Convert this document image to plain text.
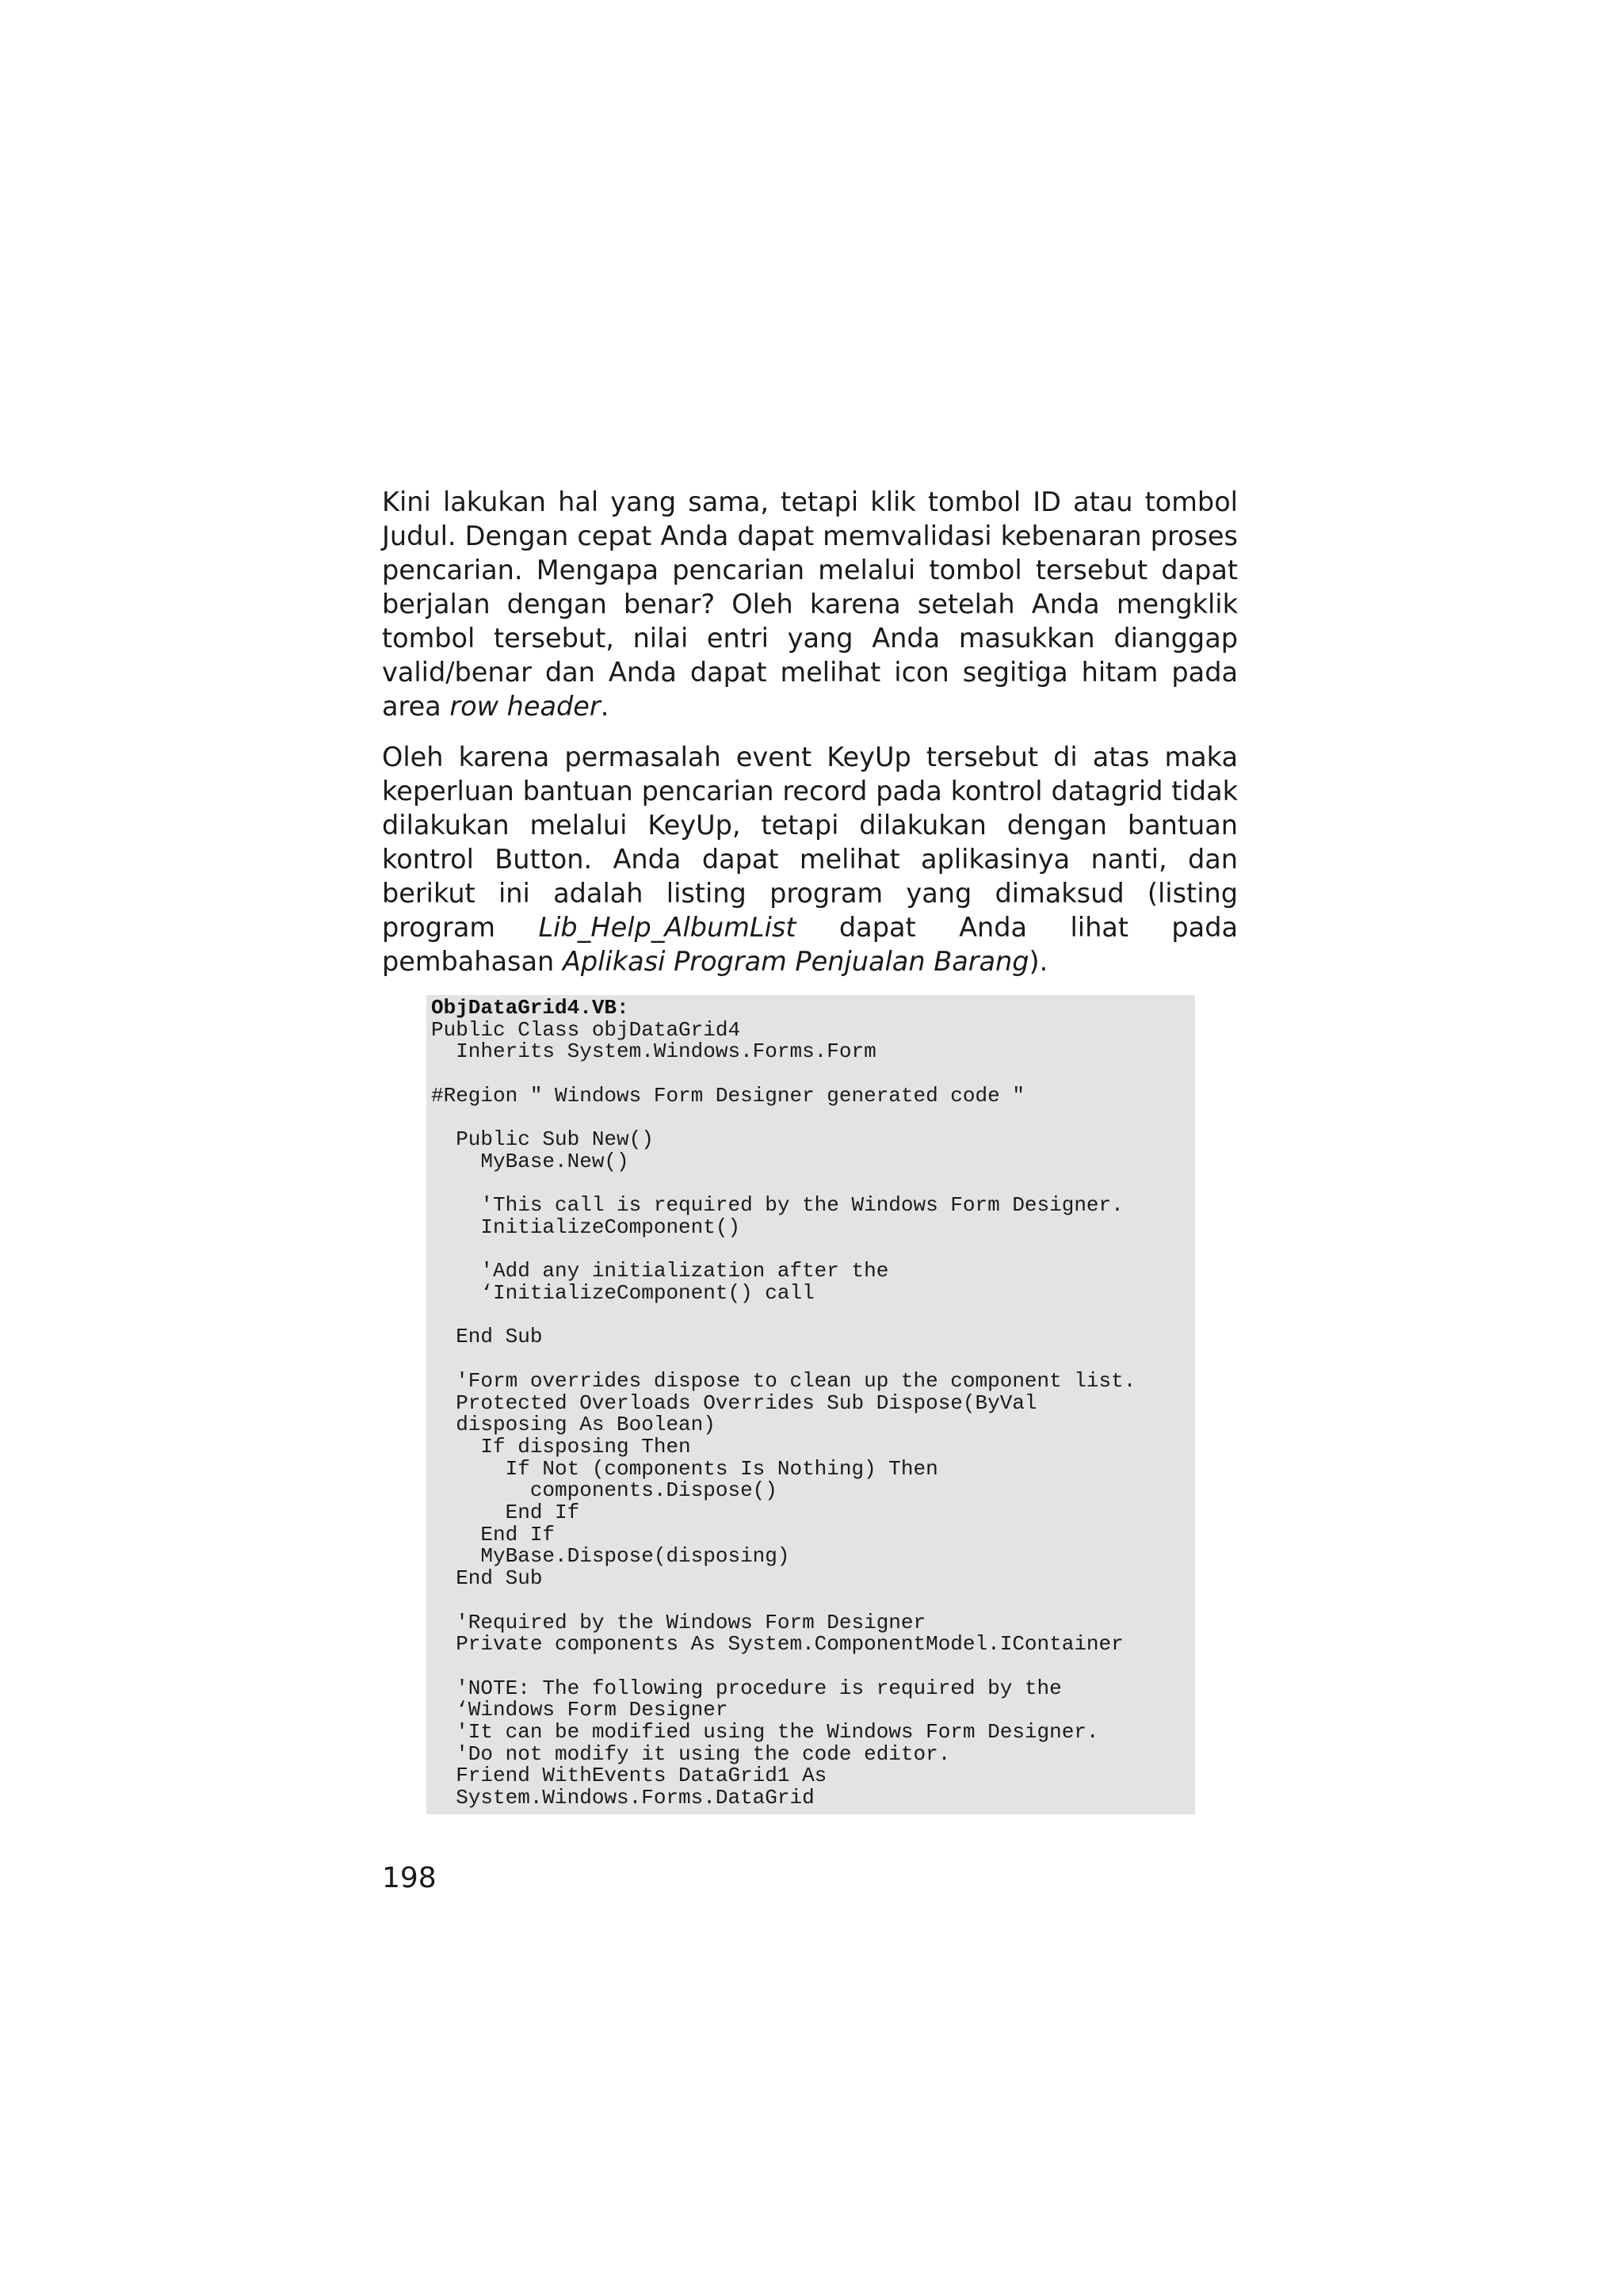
Kini lakukan hal yang sama, tetapi klik tombol ID atau tombol Judul. Dengan cepat Anda dapat memvalidasi kebenaran proses pencarian. Mengapa pencarian melalui tombol tersebut dapat berjalan dengan benar? Oleh karena setelah Anda mengklik tombol tersebut, nilai entri yang Anda masukkan dianggap valid/benar dan Anda dapat melihat icon segitiga hitam pada area row header.

Oleh karena permasalah event KeyUp tersebut di atas maka keperluan bantuan pencarian record pada kontrol datagrid tidak dilakukan melalui KeyUp, tetapi dilakukan dengan bantuan kontrol Button. Anda dapat melihat aplikasinya nanti, dan berikut ini adalah listing program yang dimaksud (listing program Lib_Help_AlbumList dapat Anda lihat pada pembahasan Aplikasi Program Penjualan Barang).

ObjDataGrid4.VB:
Public Class objDataGrid4
Inherits System.Windows.Forms.Form
#Region " Windows Form Designer generated code "
Public Sub New()
MyBase.New()
'This call is required by the Windows Form Designer.
InitializeComponent()
'Add any initialization after the
‘InitializeComponent() call
End Sub
'Form overrides dispose to clean up the component list.
Protected Overloads Overrides Sub Dispose(ByVal
disposing As Boolean)
If disposing Then
If Not (components Is Nothing) Then
components.Dispose()
End If
End If
MyBase.Dispose(disposing)
End Sub
'Required by the Windows Form Designer
Private components As System.ComponentModel.IContainer
'NOTE: The following procedure is required by the
‘Windows Form Designer
'It can be modified using the Windows Form Designer.
'Do not modify it using the code editor.
Friend WithEvents DataGrid1 As
System.Windows.Forms.DataGrid
198
